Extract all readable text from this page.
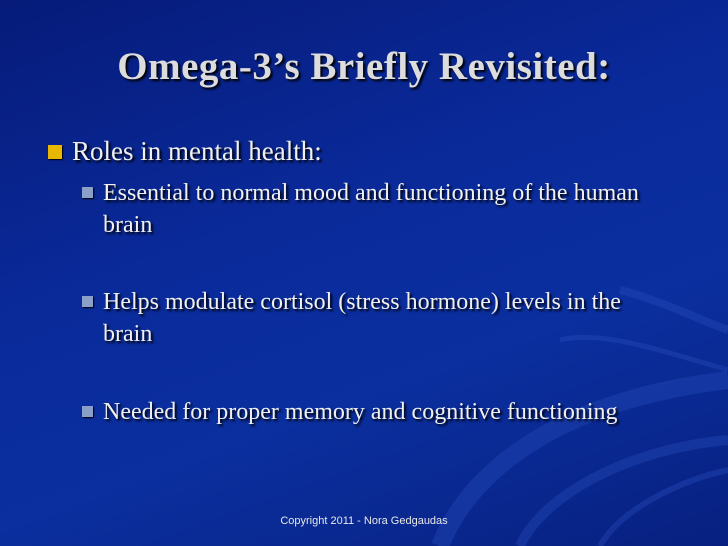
Omega-3’s Briefly Revisited:
Roles in mental health:
Essential to normal mood and functioning of the human brain
Helps modulate cortisol (stress hormone) levels in the brain
Needed for proper memory and cognitive functioning
Copyright 2011 - Nora Gedgaudas
